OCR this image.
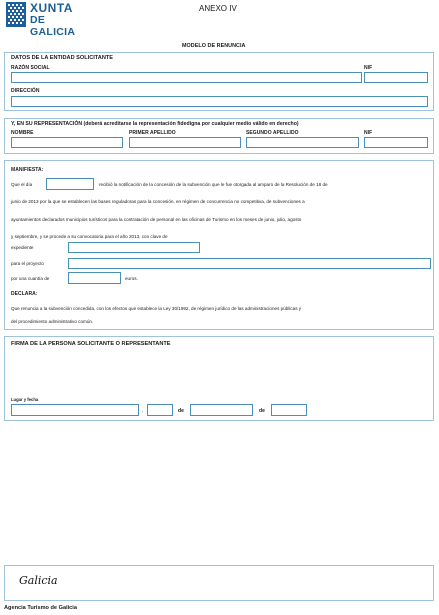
XUNTA
DE GALICIA
ANEXO IV
MODELO DE RENUNCIA
DATOS DE LA ENTIDAD SOLICITANTE
RAZÓN SOCIAL	NIF
DIRECCIÓN
Y, EN SU REPRESENTACIÓN (deberá acreditarse la representación fidedigna por cualquier medio válido en derecho)
NOMBRE	PRIMER APELLIDO	SEGUNDO APELLIDO	NIF
MANIFIESTA:
Que el día	recibió la notificación de la concesión de la subvención que le fue otorgada al amparo de la Resolución de 18 de
junio de 2013 por la que se establecen las bases reguladoras para la concesión, en régimen de concurrencia no competitiva, de subvenciones a
ayuntamientos declarados municipios turísticos para la contratación de personal en las oficinas de Turismo en los meses de junio, julio, agosto
y septiembre, y se procede a su convocatoria para el año 2013, con clave de
expediente
para el proyecto
por una cuantía de	euros.
DECLARA:
Que renuncia a la subvención concedida, con los efectos que establece la Ley 30/1992, de régimen jurídico de las administraciones públicas y
del procedimiento administrativo común.
FIRMA DE LA PERSONA SOLICITANTE O REPRESENTANTE
Lugar y fecha
,	de	de
Galicia
Agencia Turismo de Galicia
